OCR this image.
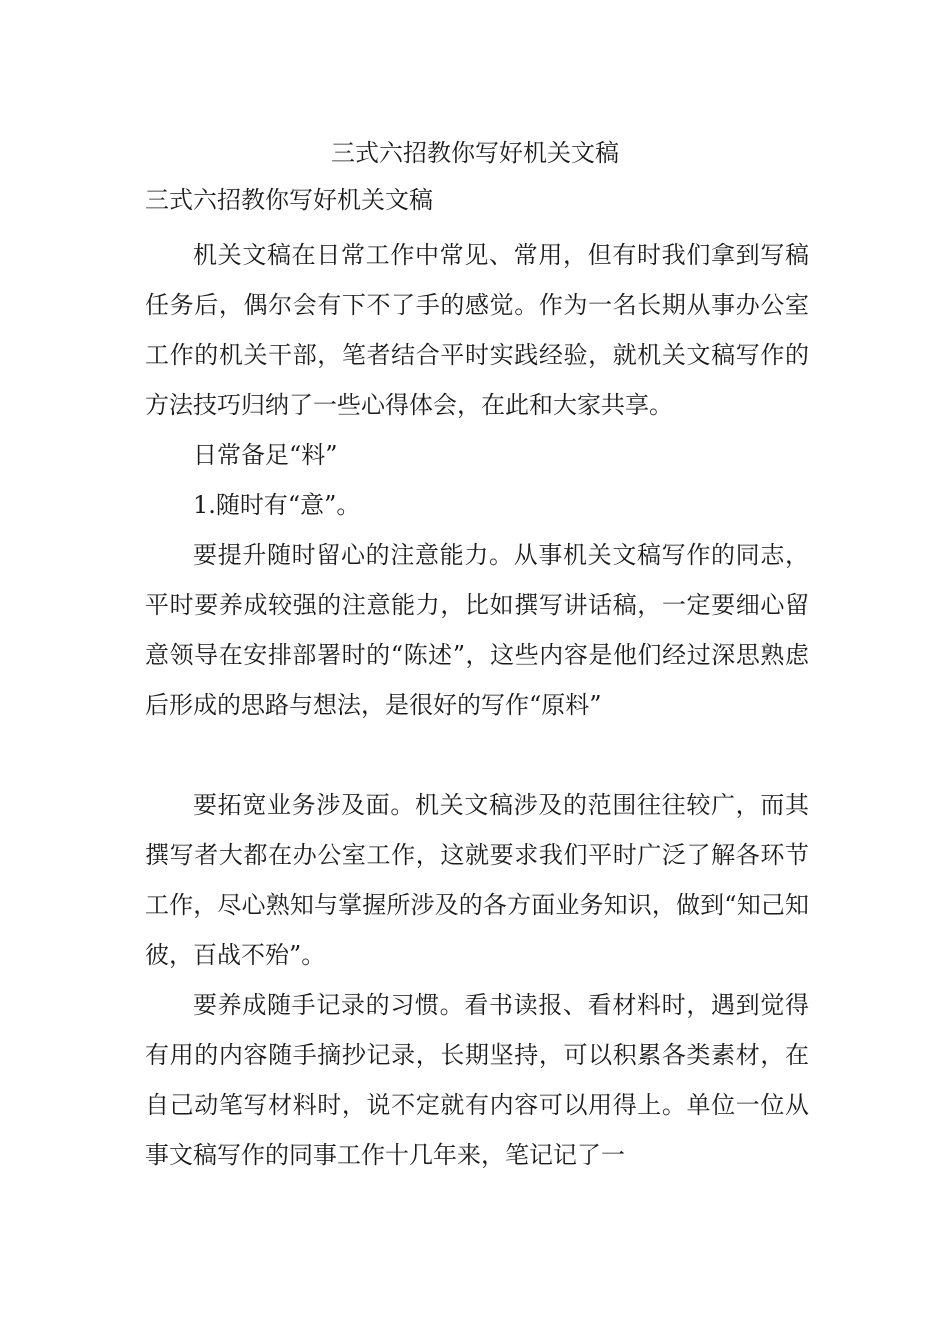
三式六招教你写好机关文稿
三式六招教你写好机关文稿

机关文稿在日常工作中常见、常用，但有时我们拿到写稿任务后，偶尔会有下不了手的感觉。作为一名长期从事办公室工作的机关干部，笔者结合平时实践经验，就机关文稿写作的方法技巧归纳了一些心得体会，在此和大家共享。

日常备足“料”

1.随时有“意”。

要提升随时留心的注意能力。从事机关文稿写作的同志，平时要养成较强的注意能力，比如撰写讲话稿，一定要细心留意领导在安排部署时的“陈述”，这些内容是他们经过深思熟虑后形成的思路与想法，是很好的写作“原料”

要拓宽业务涉及面。机关文稿涉及的范围往往较广，而其撰写者大都在办公室工作，这就要求我们平时广泛了解各环节工作，尽心熟知与掌握所涉及的各方面业务知识，做到“知己知彼，百战不殆”。

要养成随手记录的习惯。看书读报、看材料时，遇到觉得有用的内容随手摘抄记录，长期坚持，可以积累各类素材，在自己动笔写材料时，说不定就有内容可以用得上。单位一位从事文稿写作的同事工作十几年来，笔记记了一
